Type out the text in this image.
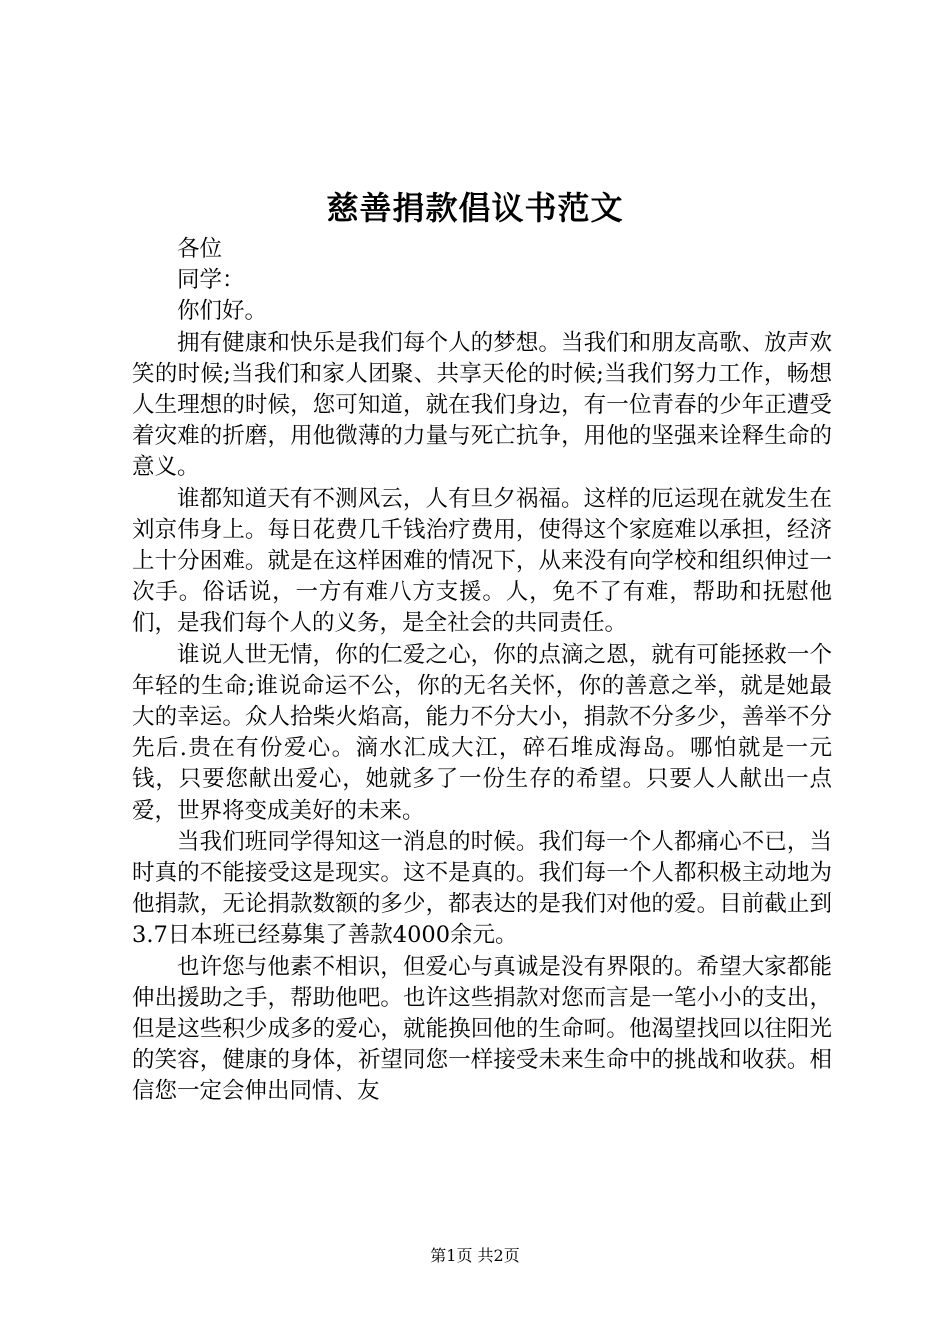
慈善捐款倡议书范文

各位

同学：

你们好。

拥有健康和快乐是我们每个人的梦想。当我们和朋友高歌、放声欢笑的时候;当我们和家人团聚、共享天伦的时候;当我们努力工作，畅想人生理想的时候，您可知道，就在我们身边，有一位青春的少年正遭受着灾难的折磨，用他微薄的力量与死亡抗争，用他的坚强来诠释生命的意义。

谁都知道天有不测风云，人有旦夕祸福。这样的厄运现在就发生在刘京伟身上。每日花费几千钱治疗费用，使得这个家庭难以承担，经济上十分困难。就是在这样困难的情况下，从来没有向学校和组织伸过一次手。俗话说，一方有难八方支援。人，免不了有难，帮助和抚慰他们，是我们每个人的义务，是全社会的共同责任。

谁说人世无情，你的仁爱之心，你的点滴之恩，就有可能拯救一个年轻的生命;谁说命运不公，你的无名关怀，你的善意之举，就是她最大的幸运。众人拾柴火焰高，能力不分大小，捐款不分多少，善举不分先后.贵在有份爱心。滴水汇成大江，碎石堆成海岛。哪怕就是一元钱，只要您献出爱心，她就多了一份生存的希望。只要人人献出一点爱，世界将变成美好的未来。

当我们班同学得知这一消息的时候。我们每一个人都痛心不已，当时真的不能接受这是现实。这不是真的。我们每一个人都积极主动地为他捐款，无论捐款数额的多少，都表达的是我们对他的爱。目前截止到3.7日本班已经募集了善款4000余元。

也许您与他素不相识，但爱心与真诚是没有界限的。希望大家都能伸出援助之手，帮助他吧。也许这些捐款对您而言是一笔小小的支出，但是这些积少成多的爱心，就能换回他的生命呵。他渴望找回以往阳光的笑容，健康的身体，祈望同您一样接受未来生命中的挑战和收获。相信您一定会伸出同情、友

第1页 共2页
